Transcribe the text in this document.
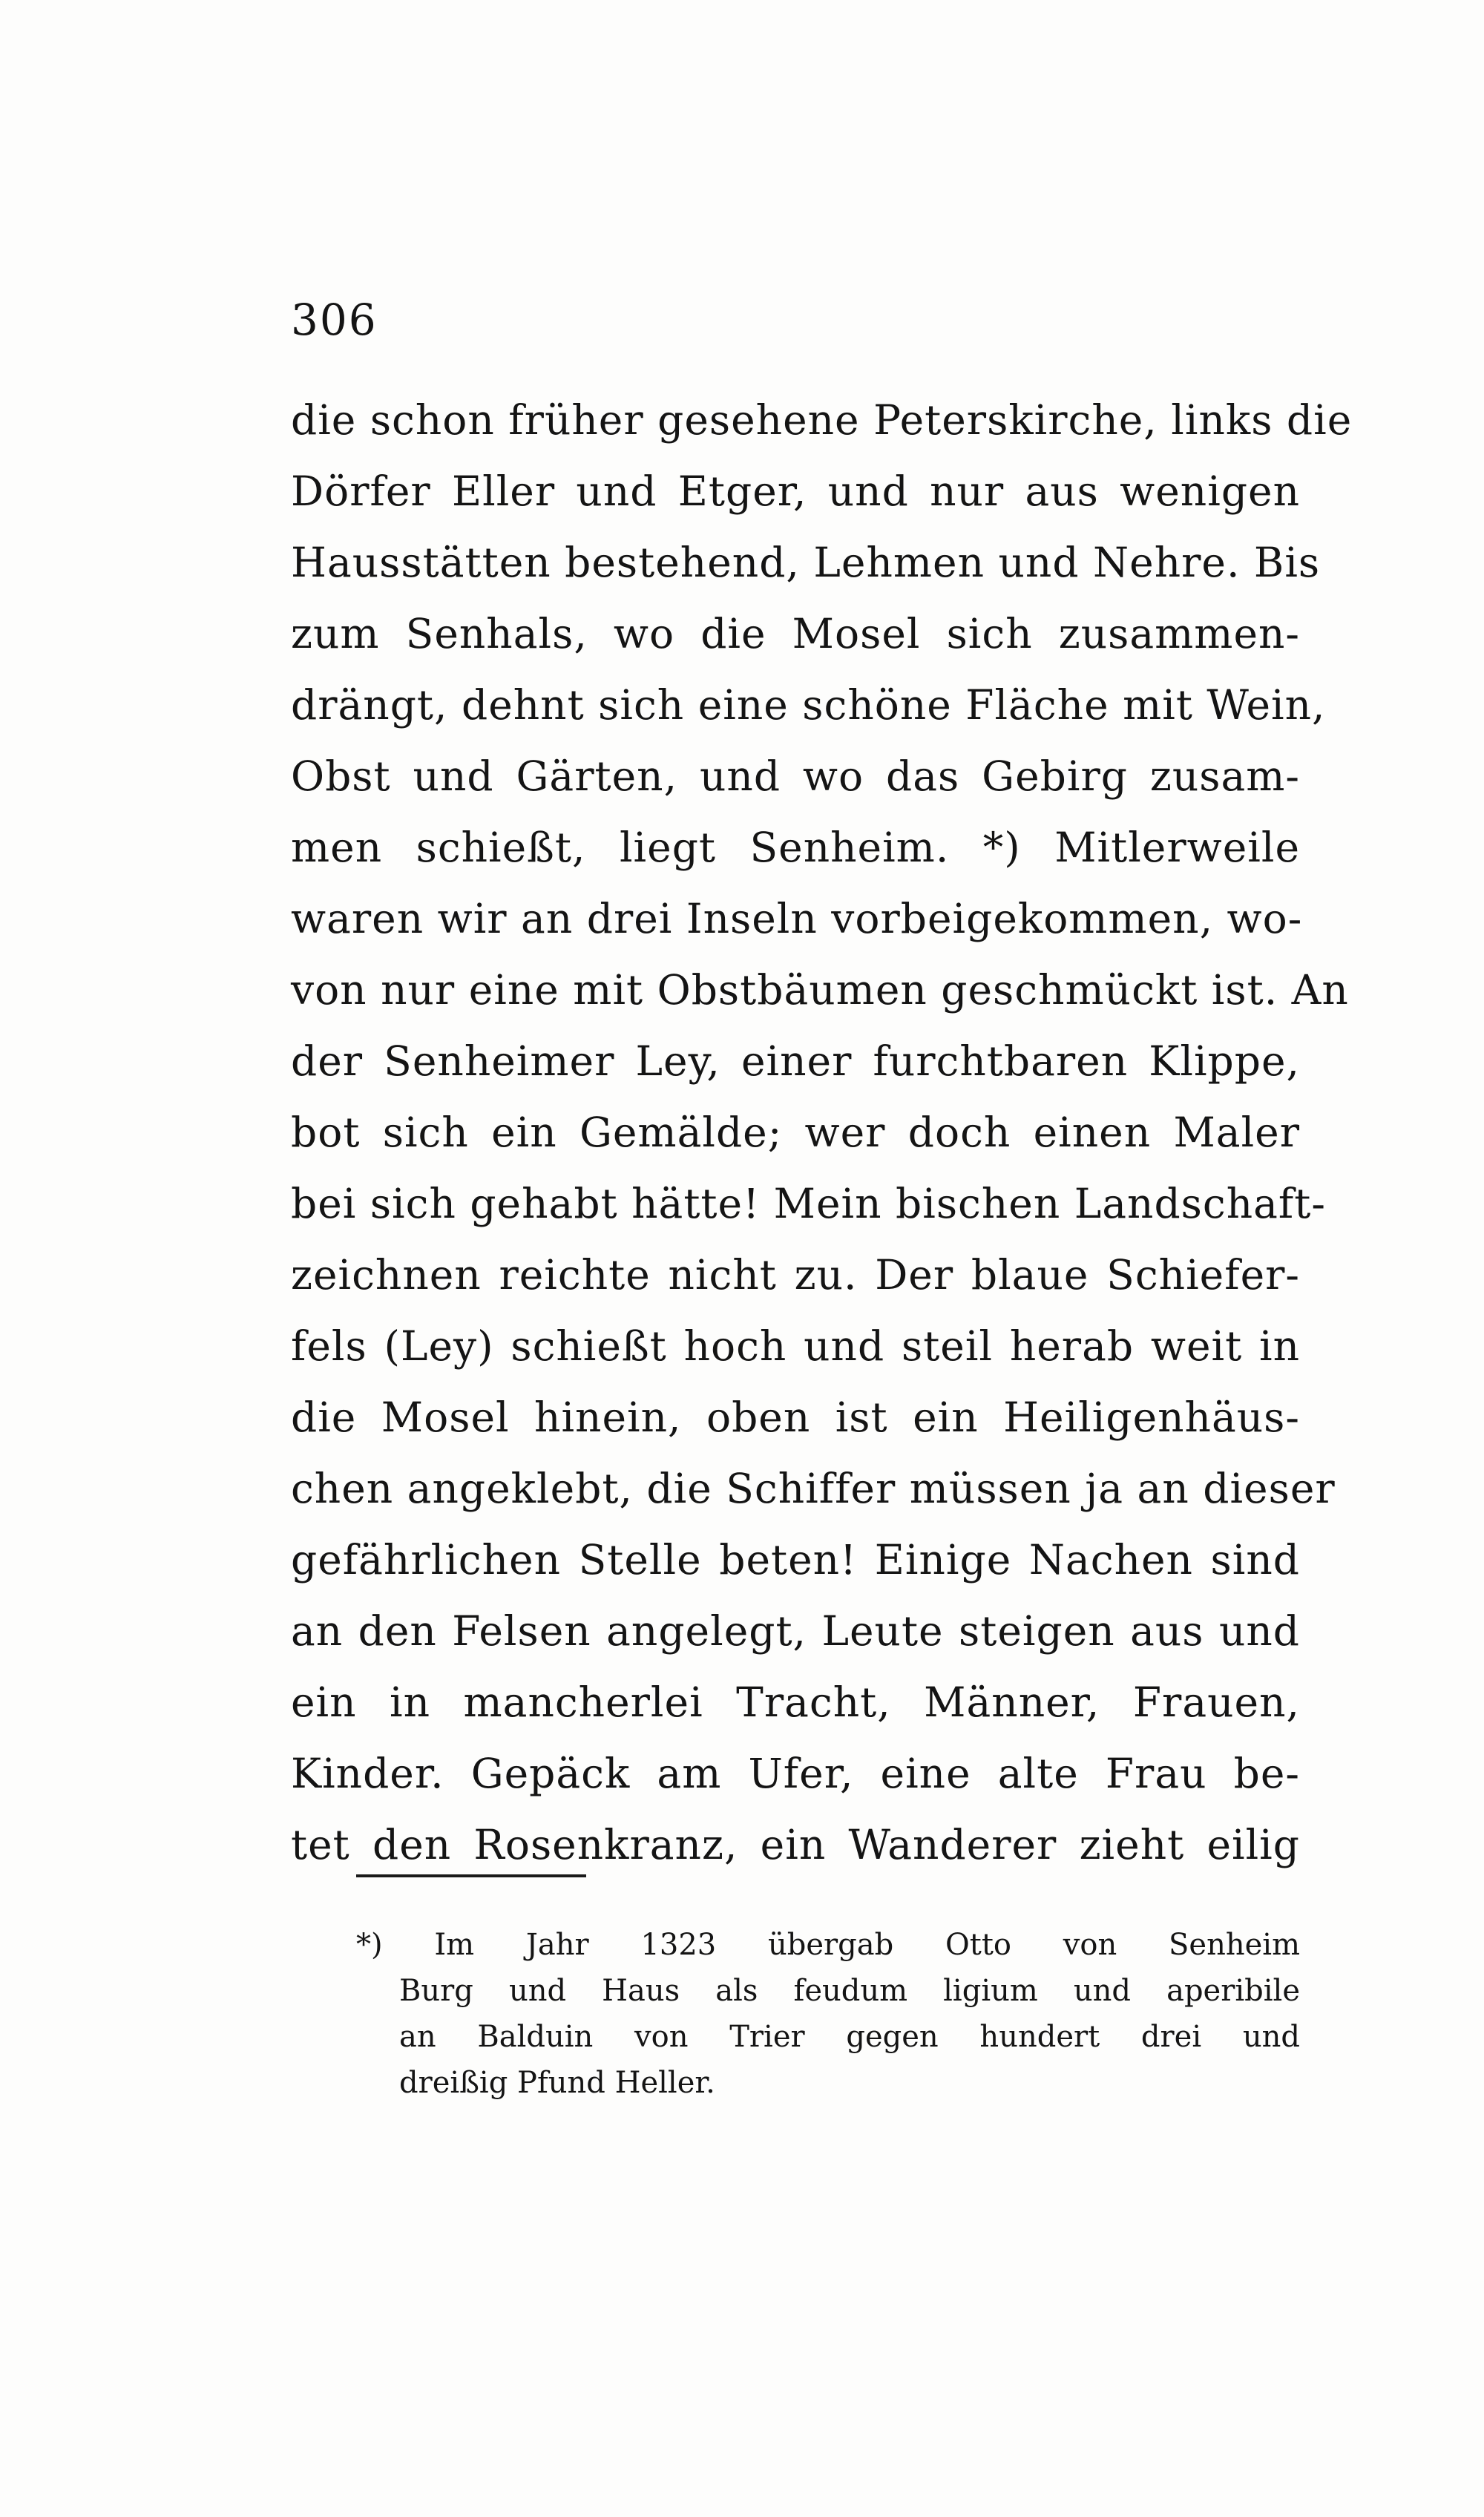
306
die schon früher gesehene Peterskirche, links die
Dörfer Eller und Etger, und nur aus wenigen
Hausstätten bestehend, Lehmen und Nehre. Bis
zum Senhals, wo die Mosel sich zusammen-
drängt, dehnt sich eine schöne Fläche mit Wein,
Obst und Gärten, und wo das Gebirg zusam-
men schießt, liegt Senheim. *) Mitlerweile
waren wir an drei Inseln vorbeigekommen, wo-
von nur eine mit Obstbäumen geschmückt ist. An
der Senheimer Ley, einer furchtbaren Klippe,
bot sich ein Gemälde; wer doch einen Maler
bei sich gehabt hätte! Mein bischen Landschaft-
zeichnen reichte nicht zu. Der blaue Schiefer-
fels (Ley) schießt hoch und steil herab weit in
die Mosel hinein, oben ist ein Heiligenhäus-
chen angeklebt, die Schiffer müssen ja an dieser
gefährlichen Stelle beten! Einige Nachen sind
an den Felsen angelegt, Leute steigen aus und
ein in mancherlei Tracht, Männer, Frauen,
Kinder. Gepäck am Ufer, eine alte Frau be-
tet den Rosenkranz, ein Wanderer zieht eilig
*) Im Jahr 1323 übergab Otto von Senheim
Burg und Haus als feudum ligium und aperibile
an Balduin von Trier gegen hundert drei und
dreißig Pfund Heller.
